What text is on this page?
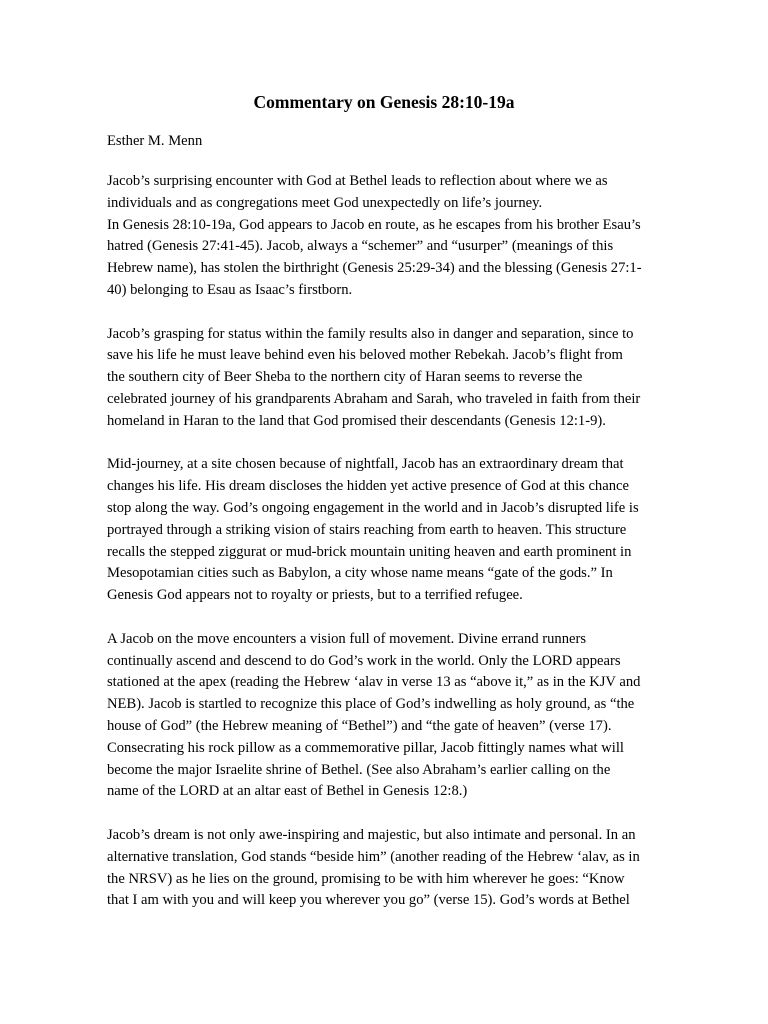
Commentary on Genesis 28:10-19a

Esther M. Menn

Jacob’s surprising encounter with God at Bethel leads to reflection about where we as
individuals and as congregations meet God unexpectedly on life’s journey.
In Genesis 28:10-19a, God appears to Jacob en route, as he escapes from his brother Esau’s
hatred (Genesis 27:41-45). Jacob, always a “schemer” and “usurper” (meanings of this
Hebrew name), has stolen the birthright (Genesis 25:29-34) and the blessing (Genesis 27:1-
40) belonging to Esau as Isaac’s firstborn.

Jacob’s grasping for status within the family results also in danger and separation, since to
save his life he must leave behind even his beloved mother Rebekah. Jacob’s flight from
the southern city of Beer Sheba to the northern city of Haran seems to reverse the
celebrated journey of his grandparents Abraham and Sarah, who traveled in faith from their
homeland in Haran to the land that God promised their descendants (Genesis 12:1-9).

Mid-journey, at a site chosen because of nightfall, Jacob has an extraordinary dream that
changes his life. His dream discloses the hidden yet active presence of God at this chance
stop along the way. God’s ongoing engagement in the world and in Jacob’s disrupted life is
portrayed through a striking vision of stairs reaching from earth to heaven. This structure
recalls the stepped ziggurat or mud-brick mountain uniting heaven and earth prominent in
Mesopotamian cities such as Babylon, a city whose name means “gate of the gods.” In
Genesis God appears not to royalty or priests, but to a terrified refugee.

A Jacob on the move encounters a vision full of movement. Divine errand runners
continually ascend and descend to do God’s work in the world. Only the LORD appears
stationed at the apex (reading the Hebrew ‘alav in verse 13 as “above it,” as in the KJV and
NEB). Jacob is startled to recognize this place of God’s indwelling as holy ground, as “the
house of God” (the Hebrew meaning of “Bethel”) and “the gate of heaven” (verse 17).
Consecrating his rock pillow as a commemorative pillar, Jacob fittingly names what will
become the major Israelite shrine of Bethel. (See also Abraham’s earlier calling on the
name of the LORD at an altar east of Bethel in Genesis 12:8.)

Jacob’s dream is not only awe-inspiring and majestic, but also intimate and personal. In an
alternative translation, God stands “beside him” (another reading of the Hebrew ‘alav, as in
the NRSV) as he lies on the ground, promising to be with him wherever he goes: “Know
that I am with you and will keep you wherever you go” (verse 15). God’s words at Bethel
